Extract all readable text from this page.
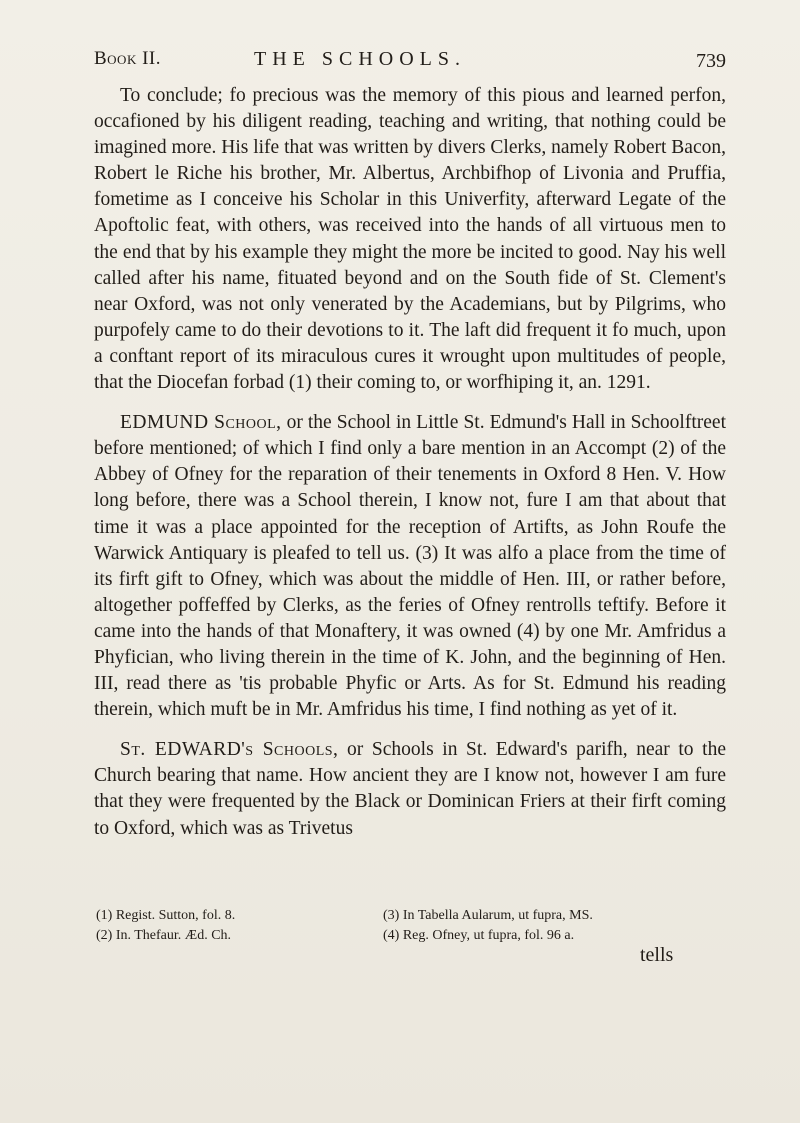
Book II.	THE SCHOOLS.	739

To conclude; fo precious was the memory of this pious and learned perfon, occafioned by his diligent reading, teaching and writing, that nothing could be imagined more. His life that was written by divers Clerks, namely Robert Bacon, Robert le Riche his brother, Mr. Albertus, Archbifhop of Livonia and Pruffia, fometime as I conceive his Scholar in this Univerfity, afterward Legate of the Apoftolic feat, with others, was received into the hands of all virtuous men to the end that by his example they might the more be incited to good. Nay his well called after his name, fituated beyond and on the South fide of St. Clement's near Oxford, was not only venerated by the Academians, but by Pilgrims, who purpofely came to do their devotions to it. The laft did frequent it fo much, upon a conftant report of its miraculous cures it wrought upon multitudes of people, that the Diocefan forbad (1) their coming to, or worfhiping it, an. 1291.

EDMUND School, or the School in Little St. Edmund's Hall in Schoolftreet before mentioned; of which I find only a bare mention in an Accompt (2) of the Abbey of Ofney for the reparation of their tenements in Oxford 8 Hen. V. How long before, there was a School therein, I know not, fure I am that about that time it was a place appointed for the reception of Artifts, as John Roufe the Warwick Antiquary is pleafed to tell us. (3) It was alfo a place from the time of its firft gift to Ofney, which was about the middle of Hen. III, or rather before, altogether poffeffed by Clerks, as the feries of Ofney rentrolls teftify. Before it came into the hands of that Monaftery, it was owned (4) by one Mr. Amfridus a Phyfician, who living therein in the time of K. John, and the beginning of Hen. III, read there as 'tis probable Phyfic or Arts. As for St. Edmund his reading therein, which muft be in Mr. Amfridus his time, I find nothing as yet of it.

St. EDWARD's Schools, or Schools in St. Edward's parifh, near to the Church bearing that name. How ancient they are I know not, however I am fure that they were frequented by the Black or Dominican Friers at their firft coming to Oxford, which was as Trivetus

(1) Regist. Sutton, fol. 8.
(2) In. Thefaur. Æd. Ch.
(3) In Tabella Aularum, ut fupra, MS.
(4) Reg. Ofney, ut fupra, fol. 96 a.
tells
